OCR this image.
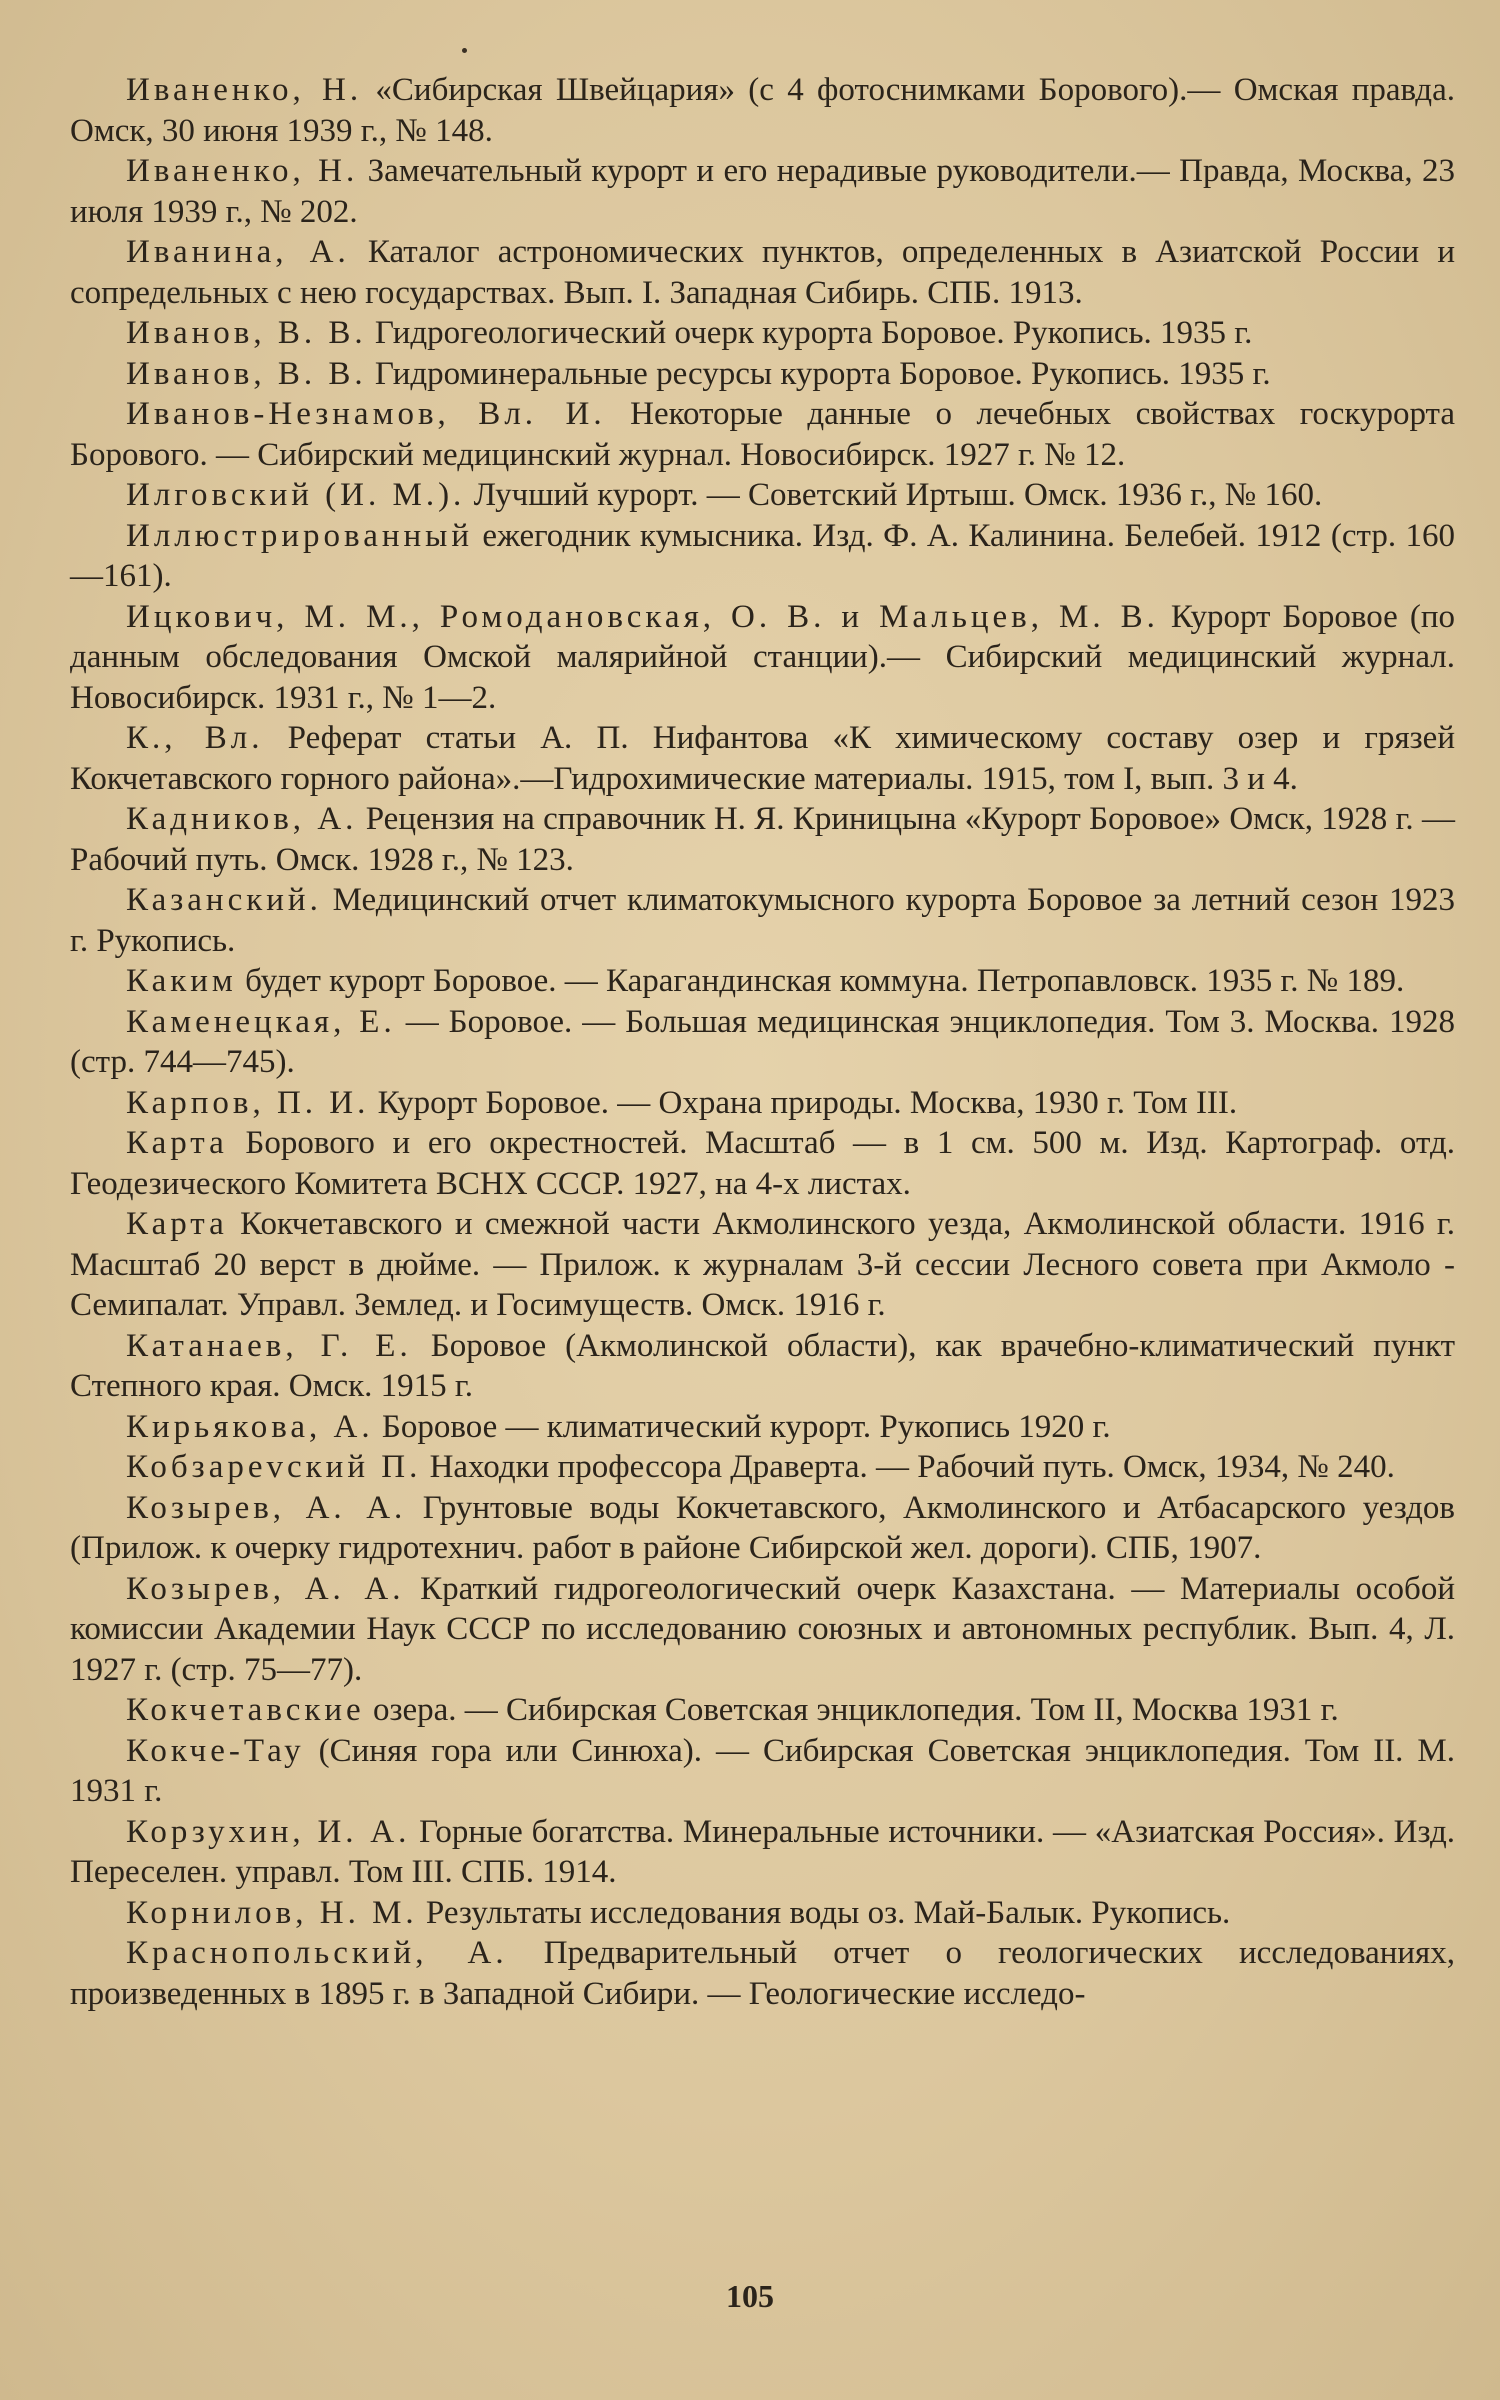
Иваненко, Н. «Сибирская Швейцария» (с 4 фотоснимками Борового).— Омская правда. Омск, 30 июня 1939 г., № 148.

Иваненко, Н. Замечательный курорт и его нерадивые руководители.— Правда, Москва, 23 июля 1939 г., № 202.

Иванина, А. Каталог астрономических пунктов, определенных в Азиатской России и сопредельных с нею государствах. Вып. I. Западная Сибирь. СПБ. 1913.

Иванов, В. В. Гидрогеологический очерк курорта Боровое. Рукопись. 1935 г.

Иванов, В. В. Гидроминеральные ресурсы курорта Боровое. Рукопись. 1935 г.

Иванов-Незнамов, Вл. И. Некоторые данные о лечебных свойствах госкурорта Борового. — Сибирский медицинский журнал. Новосибирск. 1927 г. № 12.

Илговский (И. М.). Лучший курорт. — Советский Иртыш. Омск. 1936 г., № 160.

Иллюстрированный ежегодник кумысника. Изд. Ф. А. Калинина. Белебей. 1912 (стр. 160—161).

Ицкович, М. М., Ромодановская, О. В. и Мальцев, М. В. Курорт Боровое (по данным обследования Омской малярийной станции).— Сибирский медицинский журнал. Новосибирск. 1931 г., № 1—2.

К., Вл. Реферат статьи А. П. Нифантова «К химическому составу озер и грязей Кокчетавского горного района».—Гидрохимические материалы. 1915, том I, вып. 3 и 4.

Кадников, А. Рецензия на справочник Н. Я. Криницына «Курорт Боровое» Омск, 1928 г. — Рабочий путь. Омск. 1928 г., № 123.

Казанский. Медицинский отчет климатокумысного курорта Боровое за летний сезон 1923 г. Рукопись.

Каким будет курорт Боровое. — Карагандинская коммуна. Петропавловск. 1935 г. № 189.

Каменецкая, Е. — Боровое. — Большая медицинская энциклопедия. Том 3. Москва. 1928 (стр. 744—745).

Карпов, П. И. Курорт Боровое. — Охрана природы. Москва, 1930 г. Том III.

Карта Борового и его окрестностей. Масштаб — в 1 см. 500 м. Изд. Картограф. отд. Геодезического Комитета ВСНХ СССР. 1927, на 4-х листах.

Карта Кокчетавского и смежной части Акмолинского уезда, Акмолинской области. 1916 г. Масштаб 20 верст в дюйме. — Прилож. к журналам 3-й сессии Лесного совета при Акмоло - Семипалат. Управл. Землед. и Госимуществ. Омск. 1916 г.

Катанаев, Г. Е. Боровое (Акмолинской области), как врачебно-климатический пункт Степного края. Омск. 1915 г.

Кирьякова, А. Боровое — климатический курорт. Рукопись 1920 г.

Кобзарevский П. Находки профессора Драверта. — Рабочий путь. Омск, 1934, № 240.

Козырев, А. А. Грунтовые воды Кокчетавского, Акмолинского и Атбасарского уездов (Прилож. к очерку гидротехнич. работ в районе Сибирской жел. дороги). СПБ, 1907.

Козырев, А. А. Краткий гидрогеологический очерк Казахстана. — Материалы особой комиссии Академии Наук СССР по исследованию союзных и автономных республик. Вып. 4, Л. 1927 г. (стр. 75—77).

Кокчетавские озера. — Сибирская Советская энциклопедия. Том II, Москва 1931 г.

Кокче-Тау (Синяя гора или Синюха). — Сибирская Советская энциклопедия. Том II. М. 1931 г.

Корзухин, И. А. Горные богатства. Минеральные источники. — «Азиатская Россия». Изд. Переселен. управл. Том III. СПБ. 1914.

Корнилов, Н. М. Результаты исследования воды оз. Май-Балык. Рукопись.

Краснопольский, А. Предварительный отчет о геологических исследованиях, произведенных в 1895 г. в Западной Сибири. — Геологические исследо-

105
